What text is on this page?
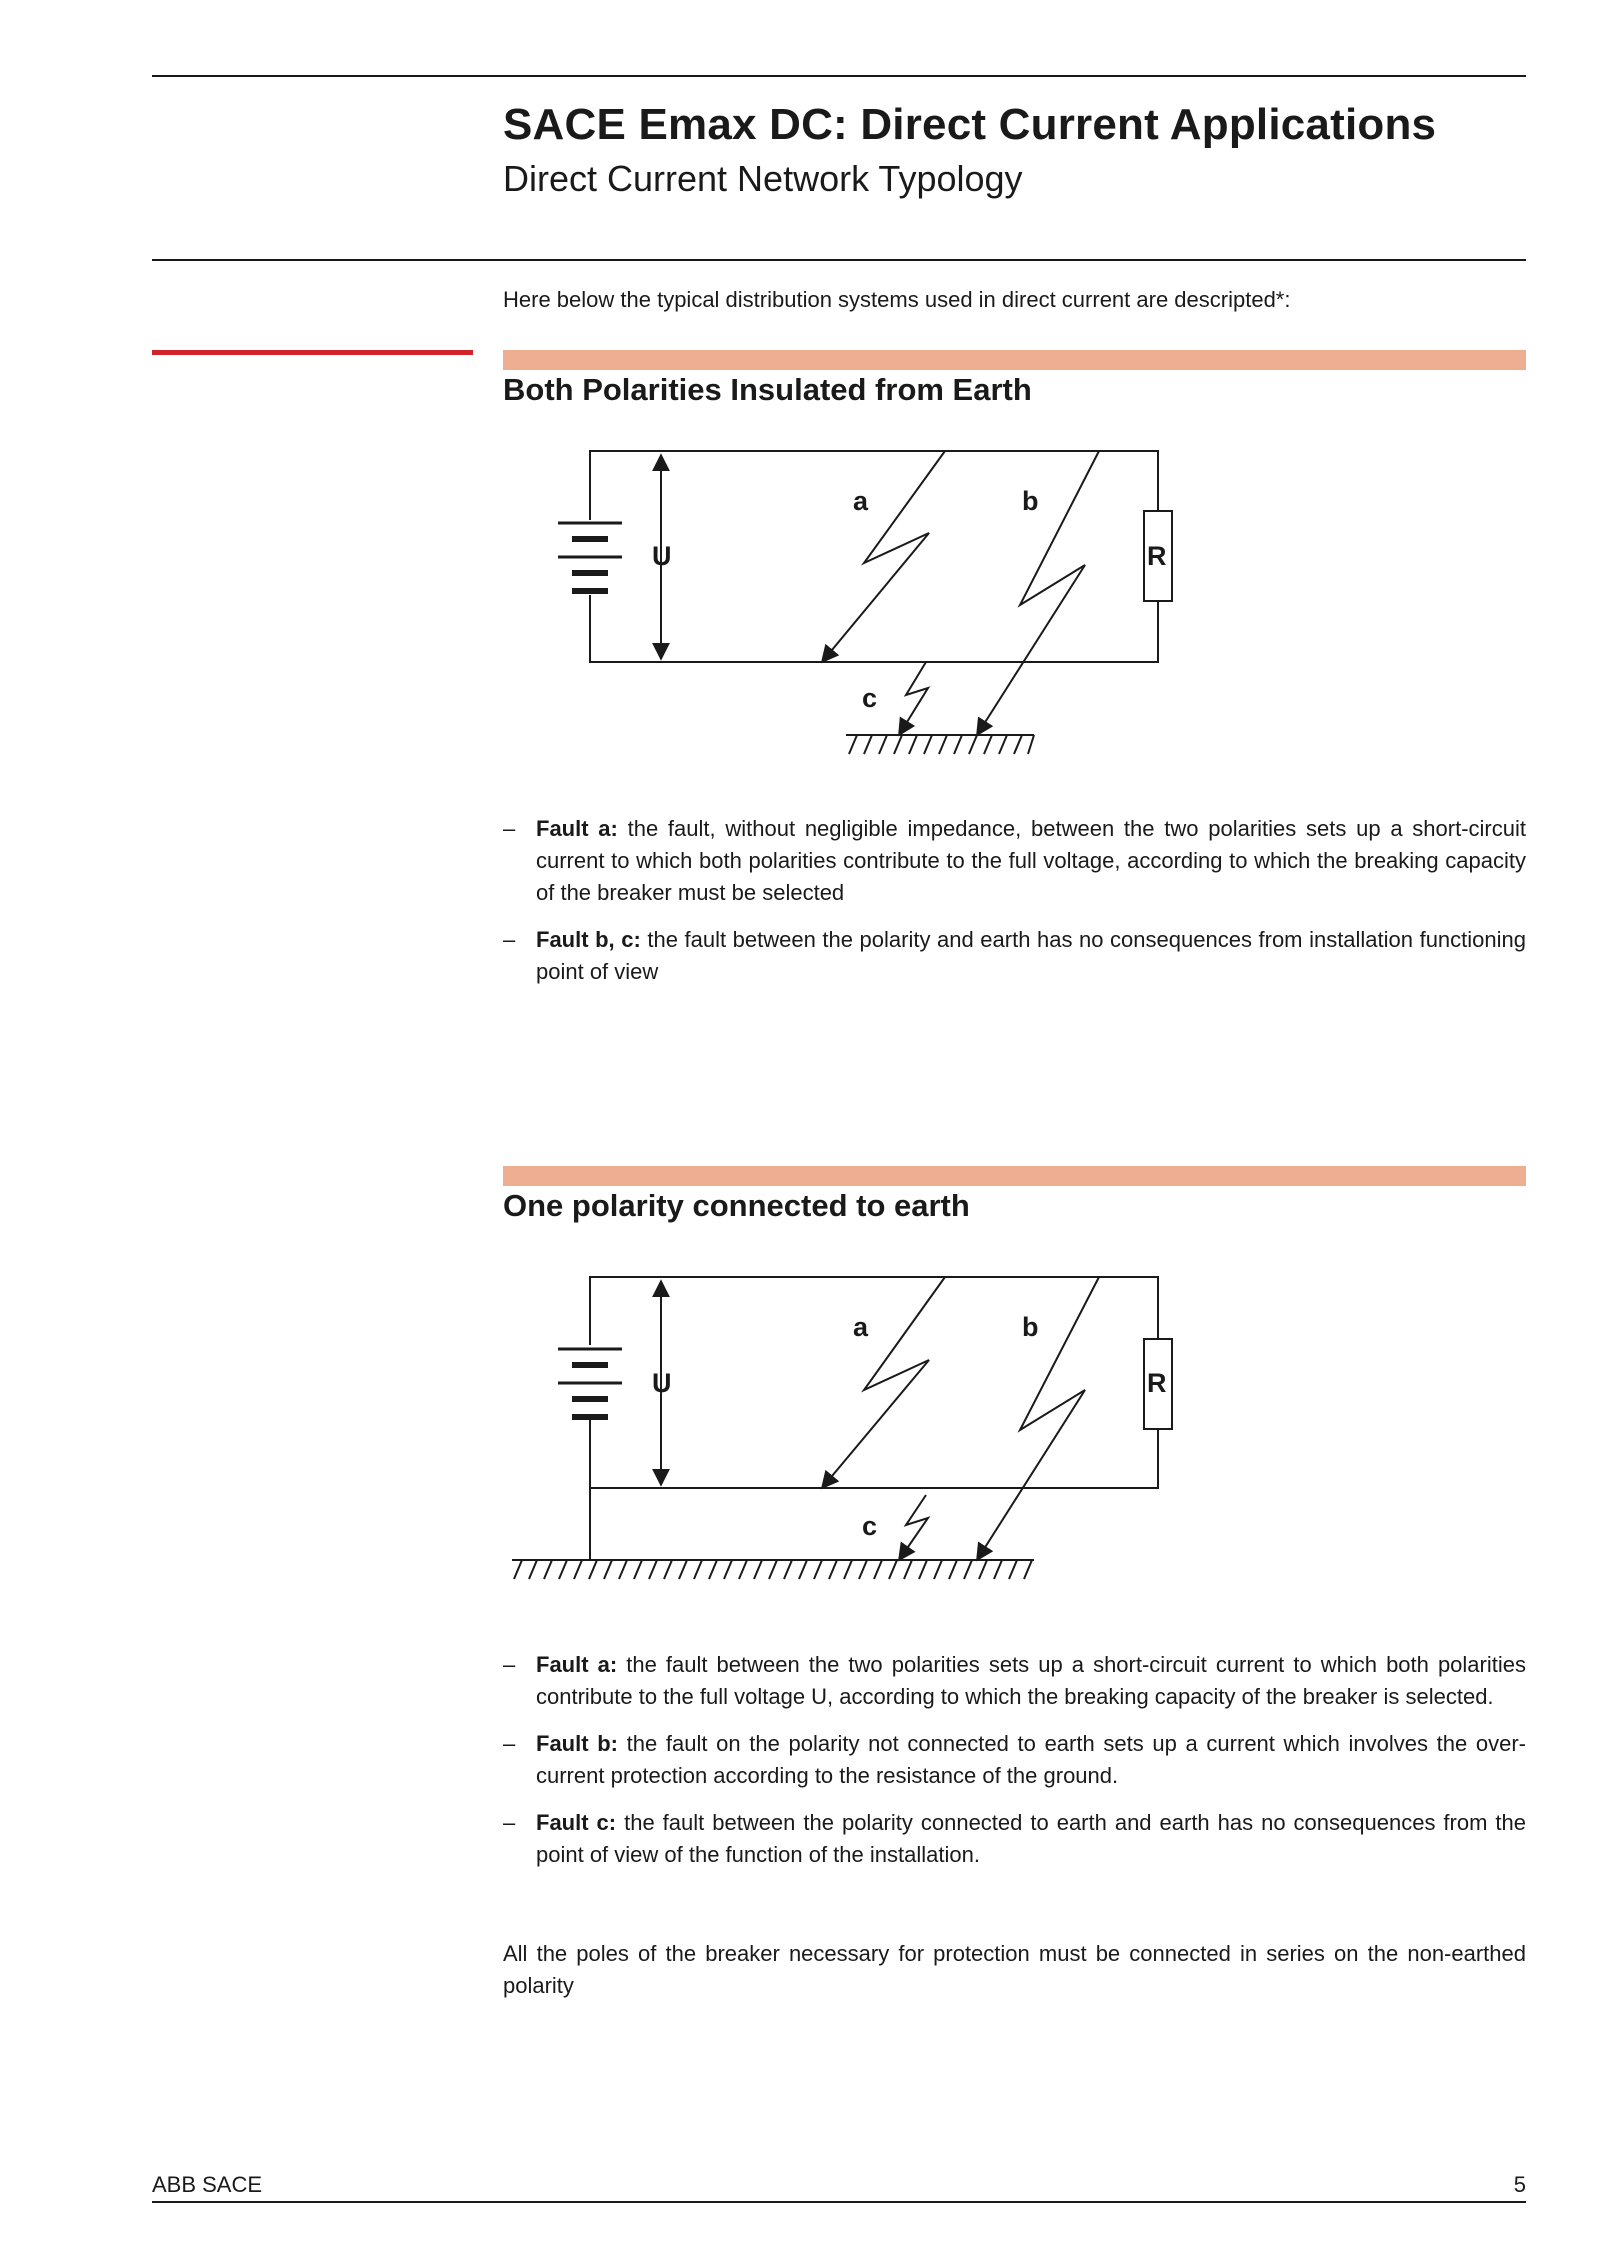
SACE Emax DC: Direct Current Applications
Direct Current Network Typology
Here below the typical distribution systems used in direct current are descripted*:
Both Polarities Insulated from Earth
U	R
a	b
c
U	R
a	b
c
– Fault a: the fault, without negligible impedance, between the two polarities sets up a short-circuit current to which both polarities contribute to the full voltage, according to which the breaking capacity of the breaker must be selected
– Fault b, c: the fault between the polarity and earth has no consequences from installation functioning point of view
One polarity connected to earth
– Fault a: the fault between the two polarities sets up a short-circuit current to which both polarities contribute to the full voltage U, according to which the breaking capacity of the breaker is selected.
– Fault b: the fault on the polarity not connected to earth sets up a current which involves the over-current protection according to the resistance of the ground.
– Fault c: the fault between the polarity connected to earth and earth has no consequences from the point of view of the function of the installation.
All the poles of the breaker necessary for protection must be connected in series on the non-earthed polarity
ABB SACE	5
